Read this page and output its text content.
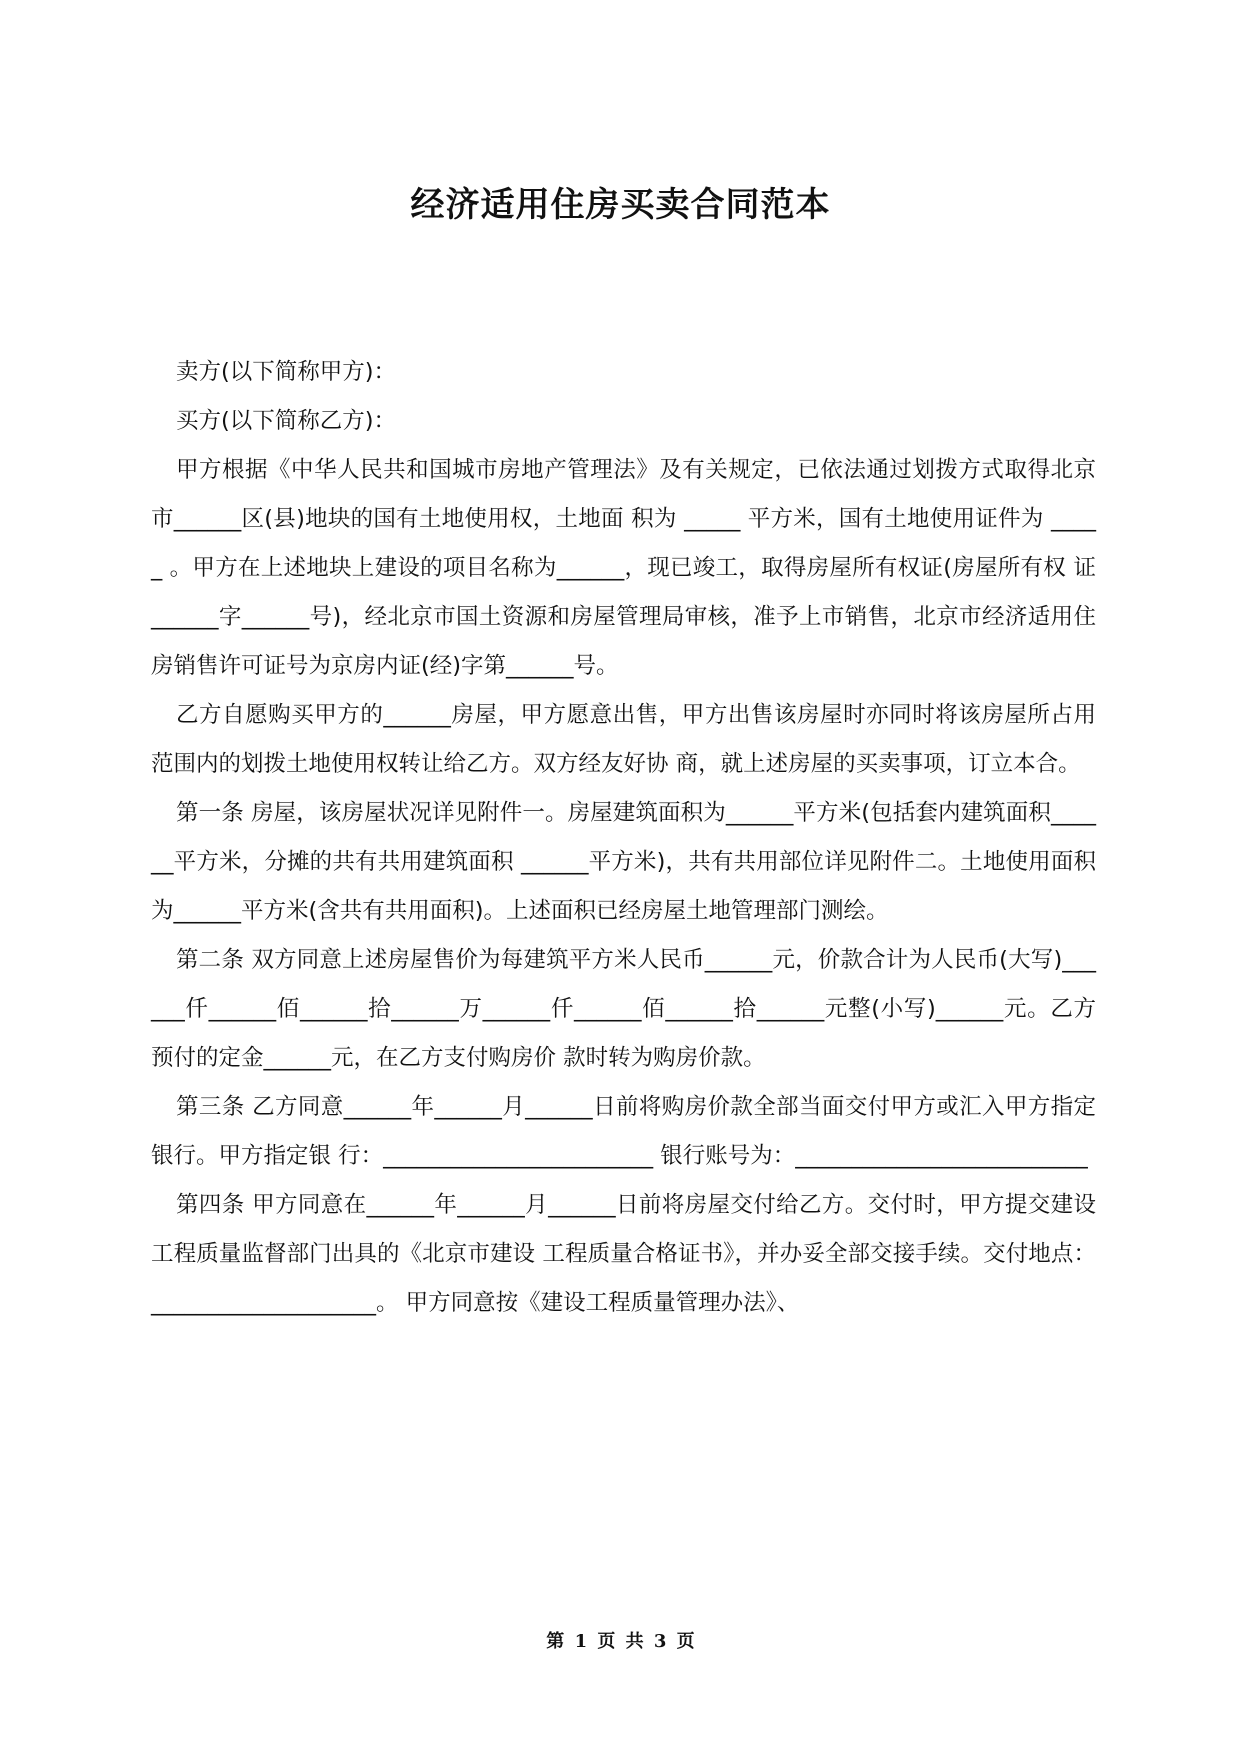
经济适用住房买卖合同范本

卖方(以下简称甲方)：

买方(以下简称乙方)：

甲方根据《中华人民共和国城市房地产管理法》及有关规定，已依法通过划拨方式取得北京市______区(县)地块的国有土地使用权，土地面 积为 _____ 平方米，国有土地使用证件为 _____ 。甲方在上述地块上建设的项目名称为______，现已竣工，取得房屋所有权证(房屋所有权 证______字______号)，经北京市国土资源和房屋管理局审核，准予上市销售，北京市经济适用住房销售许可证号为京房内证(经)字第______号。

乙方自愿购买甲方的______房屋，甲方愿意出售，甲方出售该房屋时亦同时将该房屋所占用范围内的划拨土地使用权转让给乙方。双方经友好协 商，就上述房屋的买卖事项，订立本合。

第一条 房屋，该房屋状况详见附件一。房屋建筑面积为______平方米(包括套内建筑面积______平方米，分摊的共有共用建筑面积 ______平方米)，共有共用部位详见附件二。土地使用面积为______平方米(含共有共用面积)。上述面积已经房屋土地管理部门测绘。

第二条 双方同意上述房屋售价为每建筑平方米人民币______元，价款合计为人民币(大写)______仟______佰______拾______万______仟______佰______拾______元整(小写)______元。乙方预付的定金______元，在乙方支付购房价 款时转为购房价款。

第三条 乙方同意______年______月______日前将购房价款全部当面交付甲方或汇入甲方指定银行。甲方指定银 行：________________________ 银行账号为：__________________________

第四条 甲方同意在______年______月______日前将房屋交付给乙方。交付时，甲方提交建设工程质量监督部门出具的《北京市建设 工程质量合格证书》，并办妥全部交接手续。交付地点：____________________。 甲方同意按《建设工程质量管理办法》、

第 1 页 共 3 页
